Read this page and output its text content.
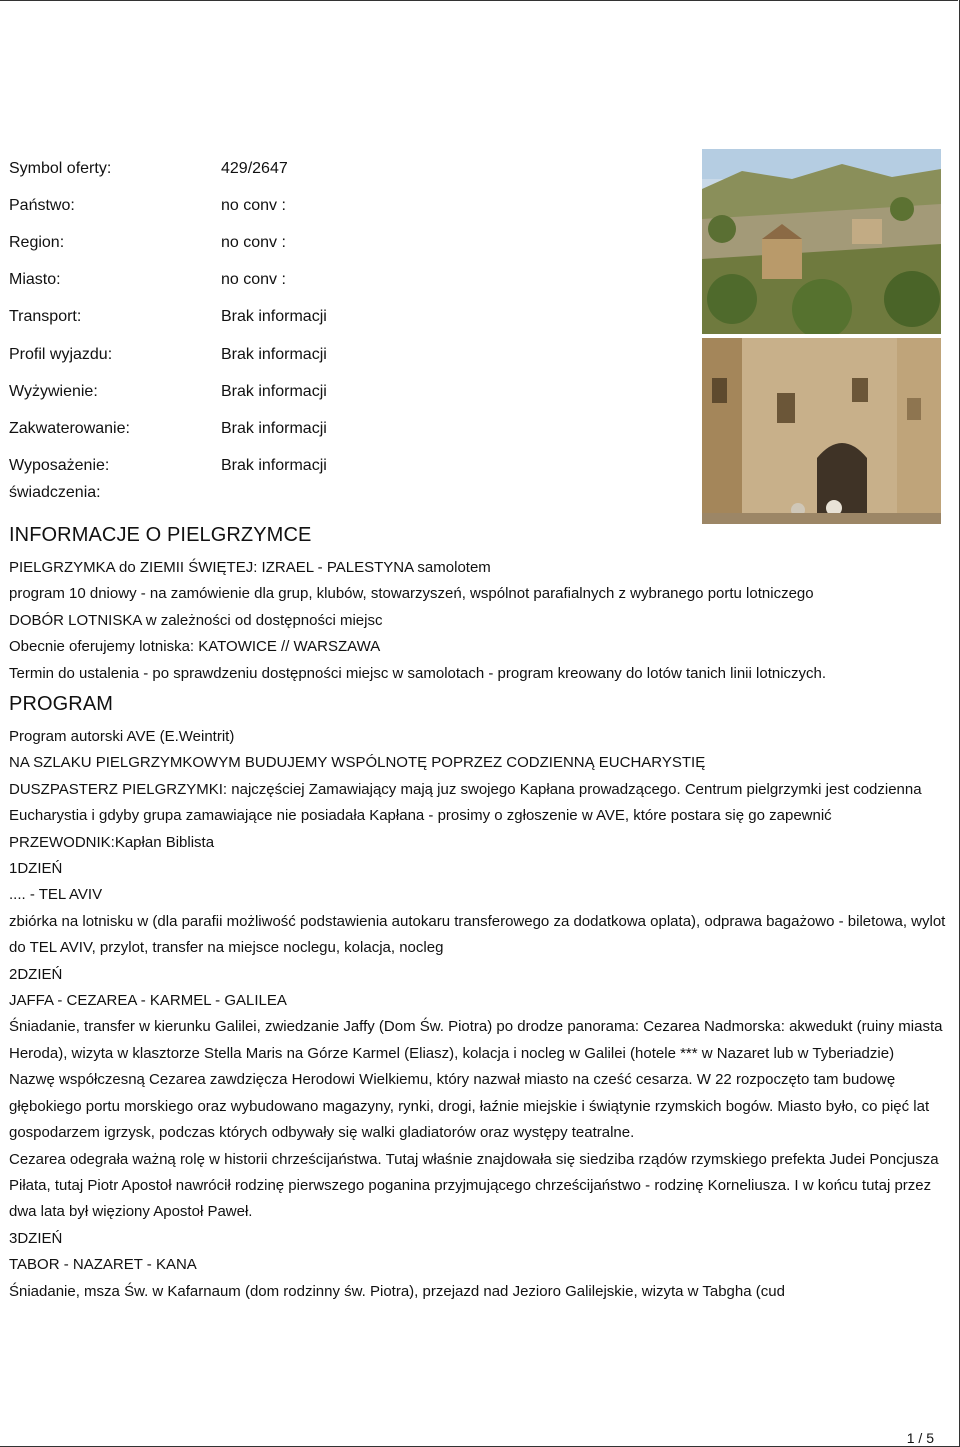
Symbol oferty:	429/2647
Państwo:	no conv :
Region:	no conv :
Miasto:	no conv :
Transport:	Brak informacji
Profil wyjazdu:	Brak informacji
Wyżywienie:	Brak informacji
Zakwaterowanie:	Brak informacji
Wyposażenie:	Brak informacji
świadczenia:
INFORMACJE O PIELGRZYMCE

PIELGRZYMKA do ZIEMII ŚWIĘTEJ: IZRAEL - PALESTYNA samolotem

program 10 dniowy - na zamówienie dla grup, klubów, stowarzyszeń, wspólnot parafialnych z wybranego portu lotniczego

DOBÓR LOTNISKA w zależności od dostępności miejsc

Obecnie oferujemy lotniska: KATOWICE // WARSZAWA

Termin do ustalenia - po sprawdzeniu dostępności miejsc w samolotach - program kreowany do lotów tanich linii lotniczych.

PROGRAM

Program autorski AVE (E.Weintrit)

NA SZLAKU PIELGRZYMKOWYM BUDUJEMY WSPÓLNOTĘ POPRZEZ CODZIENNĄ EUCHARYSTIĘ

DUSZPASTERZ PIELGRZYMKI: najczęściej Zamawiający mają juz swojego Kapłana prowadzącego. Centrum pielgrzymki jest codzienna Eucharystia i gdyby grupa zamawiające nie posiadała Kapłana - prosimy o zgłoszenie w AVE, które postara się go zapewnić

PRZEWODNIK:Kapłan Biblista

1DZIEŃ

.... - TEL AVIV

zbiórka na lotnisku w (dla parafii możliwość podstawienia autokaru transferowego za dodatkowa oplata), odprawa bagażowo - biletowa, wylot do TEL AVIV, przylot, transfer na miejsce noclegu, kolacja, nocleg

2DZIEŃ

JAFFA - CEZAREA - KARMEL - GALILEA

Śniadanie, transfer w kierunku Galilei, zwiedzanie Jaffy (Dom Św. Piotra) po drodze panorama: Cezarea Nadmorska: akwedukt (ruiny miasta Heroda), wizyta w klasztorze Stella Maris na Górze Karmel (Eliasz), kolacja i nocleg w Galilei (hotele *** w Nazaret lub w Tyberiadzie)

Nazwę współczesną Cezarea zawdzięcza Herodowi Wielkiemu, który nazwał miasto na cześć cesarza. W 22 rozpoczęto tam budowę głębokiego portu morskiego oraz wybudowano magazyny, rynki, drogi, łaźnie miejskie i świątynie rzymskich bogów. Miasto było, co pięć lat gospodarzem igrzysk, podczas których odbywały się walki gladiatorów oraz występy teatralne.

Cezarea odegrała ważną rolę w historii chrześcijaństwa. Tutaj właśnie znajdowała się siedziba rządów rzymskiego prefekta Judei Poncjusza Piłata, tutaj Piotr Apostoł nawrócił rodzinę pierwszego poganina przyjmującego chrześcijaństwo - rodzinę Korneliusza. I w końcu tutaj przez dwa lata był więziony Apostoł Paweł.

3DZIEŃ

TABOR - NAZARET - KANA

Śniadanie, msza Św. w Kafarnaum (dom rodzinny św. Piotra), przejazd nad Jezioro Galilejskie, wizyta w Tabgha (cud

1 / 5
